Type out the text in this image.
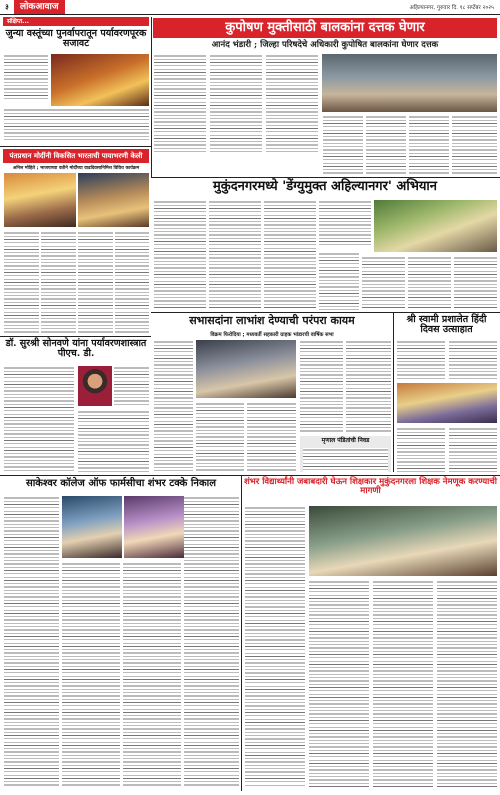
३	लोकआवाज	अहिल्यानगर, गुरुवार दि. १८ सप्टेंबर २०२५
संक्षिप्त...
जुन्या वस्तूंच्या पुनर्वापरातून पर्यावरणपूरक सजावट
कुपोषण मुक्तीसाठी बालकांना दत्तक घेणार
आनंद भंडारी ; जिल्हा परिषदेचे अधिकारी कुपोषित बालकांना घेणार दत्तक
पंतप्रधान मोदींनी विकसित भारताची पायाभरणी केली
अनिल मोहिते ; भाजपाच्या वतीने मोदींच्या वाढदिवसानिमित्त विविध कार्यक्रम
मुकुंदनगरमध्ये 'डेंग्युमुक्त अहिल्यानगर' अभियान
डॉ. सुरश्री सोनवणे यांना पर्यावरणशास्त्रात पीएच. डी.
सभासदांना लाभांश देण्याची परंपरा कायम
विक्रम फिरोदिया ; मध्यवर्ती सहकारी ग्राहक भांडारची वार्षिक सभा
मृणाल पंडितांची निवड
श्री स्वामी प्रशालेत हिंदी दिवस उत्साहात
साकेश्वर कॉलेज ऑफ फार्मसीचा शंभर टक्के निकाल	शंभर विद्यार्थ्यांनी जबाबदारी घेऊन शिक्षकार मुकुंदनगरला शिक्षक नेमणूक करण्याची मागणी
